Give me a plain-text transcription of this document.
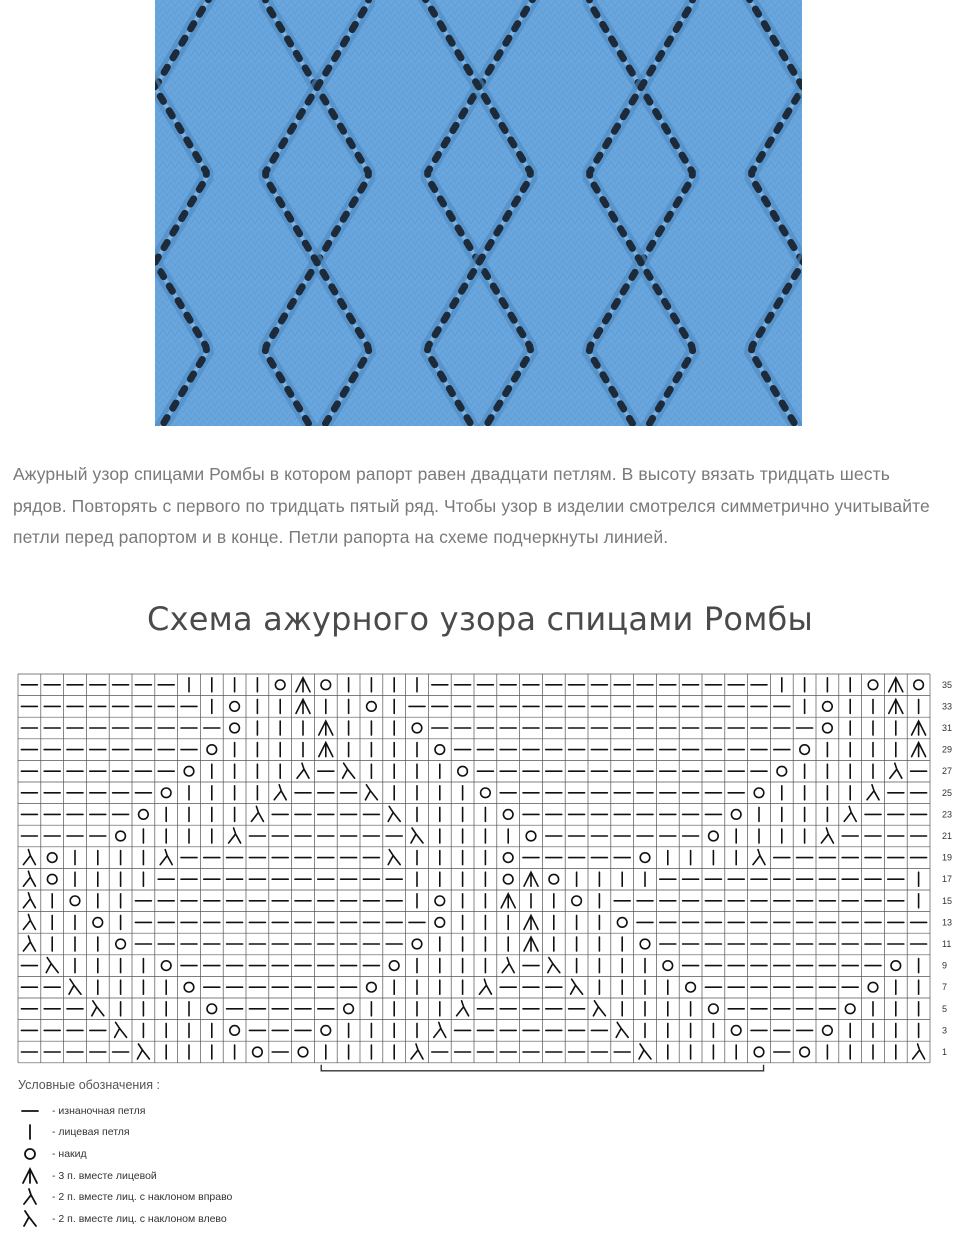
Ажурный узор спицами Ромбы в котором рапорт равен двадцати петлям. В высоту вязать тридцать шесть рядов. Повторять с первого по тридцать пятый ряд. Чтобы узор в изделии смотрелся симметрично учитывайте петли перед рапортом и в конце. Петли рапорта на схеме подчеркнуты линией.

Схема ажурного узора спицами Ромбы
35
33
31
29
27
25
23
21
19
17
15
13
11
9
7
5
3
1
Условные обозначения :
- изнаночная петля
- лицевая петля
- накид
- 3 п. вместе лицевой
- 2 п. вместе лиц. с наклоном вправо
- 2 п. вместе лиц. с наклоном влево
